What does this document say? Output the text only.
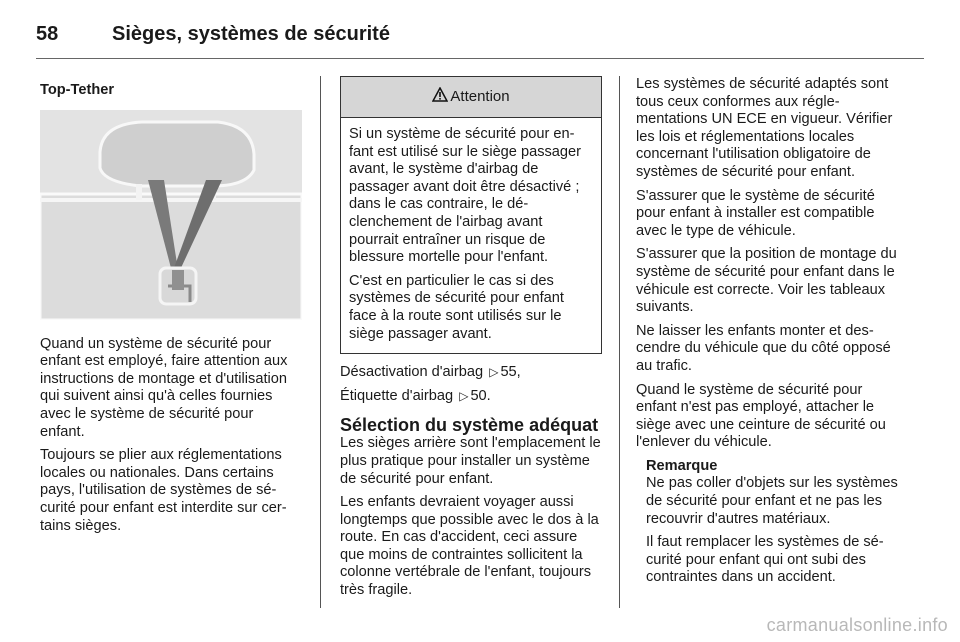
58	Sièges, systèmes de sécurité
Top-Tether

Quand un système de sécurité pour enfant est employé, faire attention aux instructions de montage et d'utilisation qui suivent ainsi qu'à celles fournies avec le système de sécurité pour enfant.

Toujours se plier aux réglementations locales ou nationales. Dans certains pays, l'utilisation de systèmes de sécurité pour enfant est interdite sur certains sièges.

Attention

Si un système de sécurité pour enfant est utilisé sur le siège passager avant, le système d'airbag de passager avant doit être désactivé ; dans le cas contraire, le déclenchement de l'airbag avant pourrait entraîner un risque de blessure mortelle pour l'enfant.

C'est en particulier le cas si des systèmes de sécurité pour enfant face à la route sont utilisés sur le siège passager avant.

Désactivation d'airbag ▷ 55,

Étiquette d'airbag ▷ 50.

Sélection du système adéquat

Les sièges arrière sont l'emplacement le plus pratique pour installer un système de sécurité pour enfant.

Les enfants devraient voyager aussi longtemps que possible avec le dos à la route. En cas d'accident, ceci assure que moins de contraintes sollicitent la colonne vertébrale de l'enfant, toujours très fragile.

Les systèmes de sécurité adaptés sont tous ceux conformes aux réglementations UN ECE en vigueur. Vérifier les lois et réglementations locales concernant l'utilisation obligatoire de systèmes de sécurité pour enfant.

S'assurer que le système de sécurité pour enfant à installer est compatible avec le type de véhicule.

S'assurer que la position de montage du système de sécurité pour enfant dans le véhicule est correcte. Voir les tableaux suivants.

Ne laisser les enfants monter et descendre du véhicule que du côté opposé au trafic.

Quand le système de sécurité pour enfant n'est pas employé, attacher le siège avec une ceinture de sécurité ou l'enlever du véhicule.

Remarque

Ne pas coller d'objets sur les systèmes de sécurité pour enfant et ne pas les recouvrir d'autres matériaux.

Il faut remplacer les systèmes de sécurité pour enfant qui ont subi des contraintes dans un accident.

carmanualsonline.info
